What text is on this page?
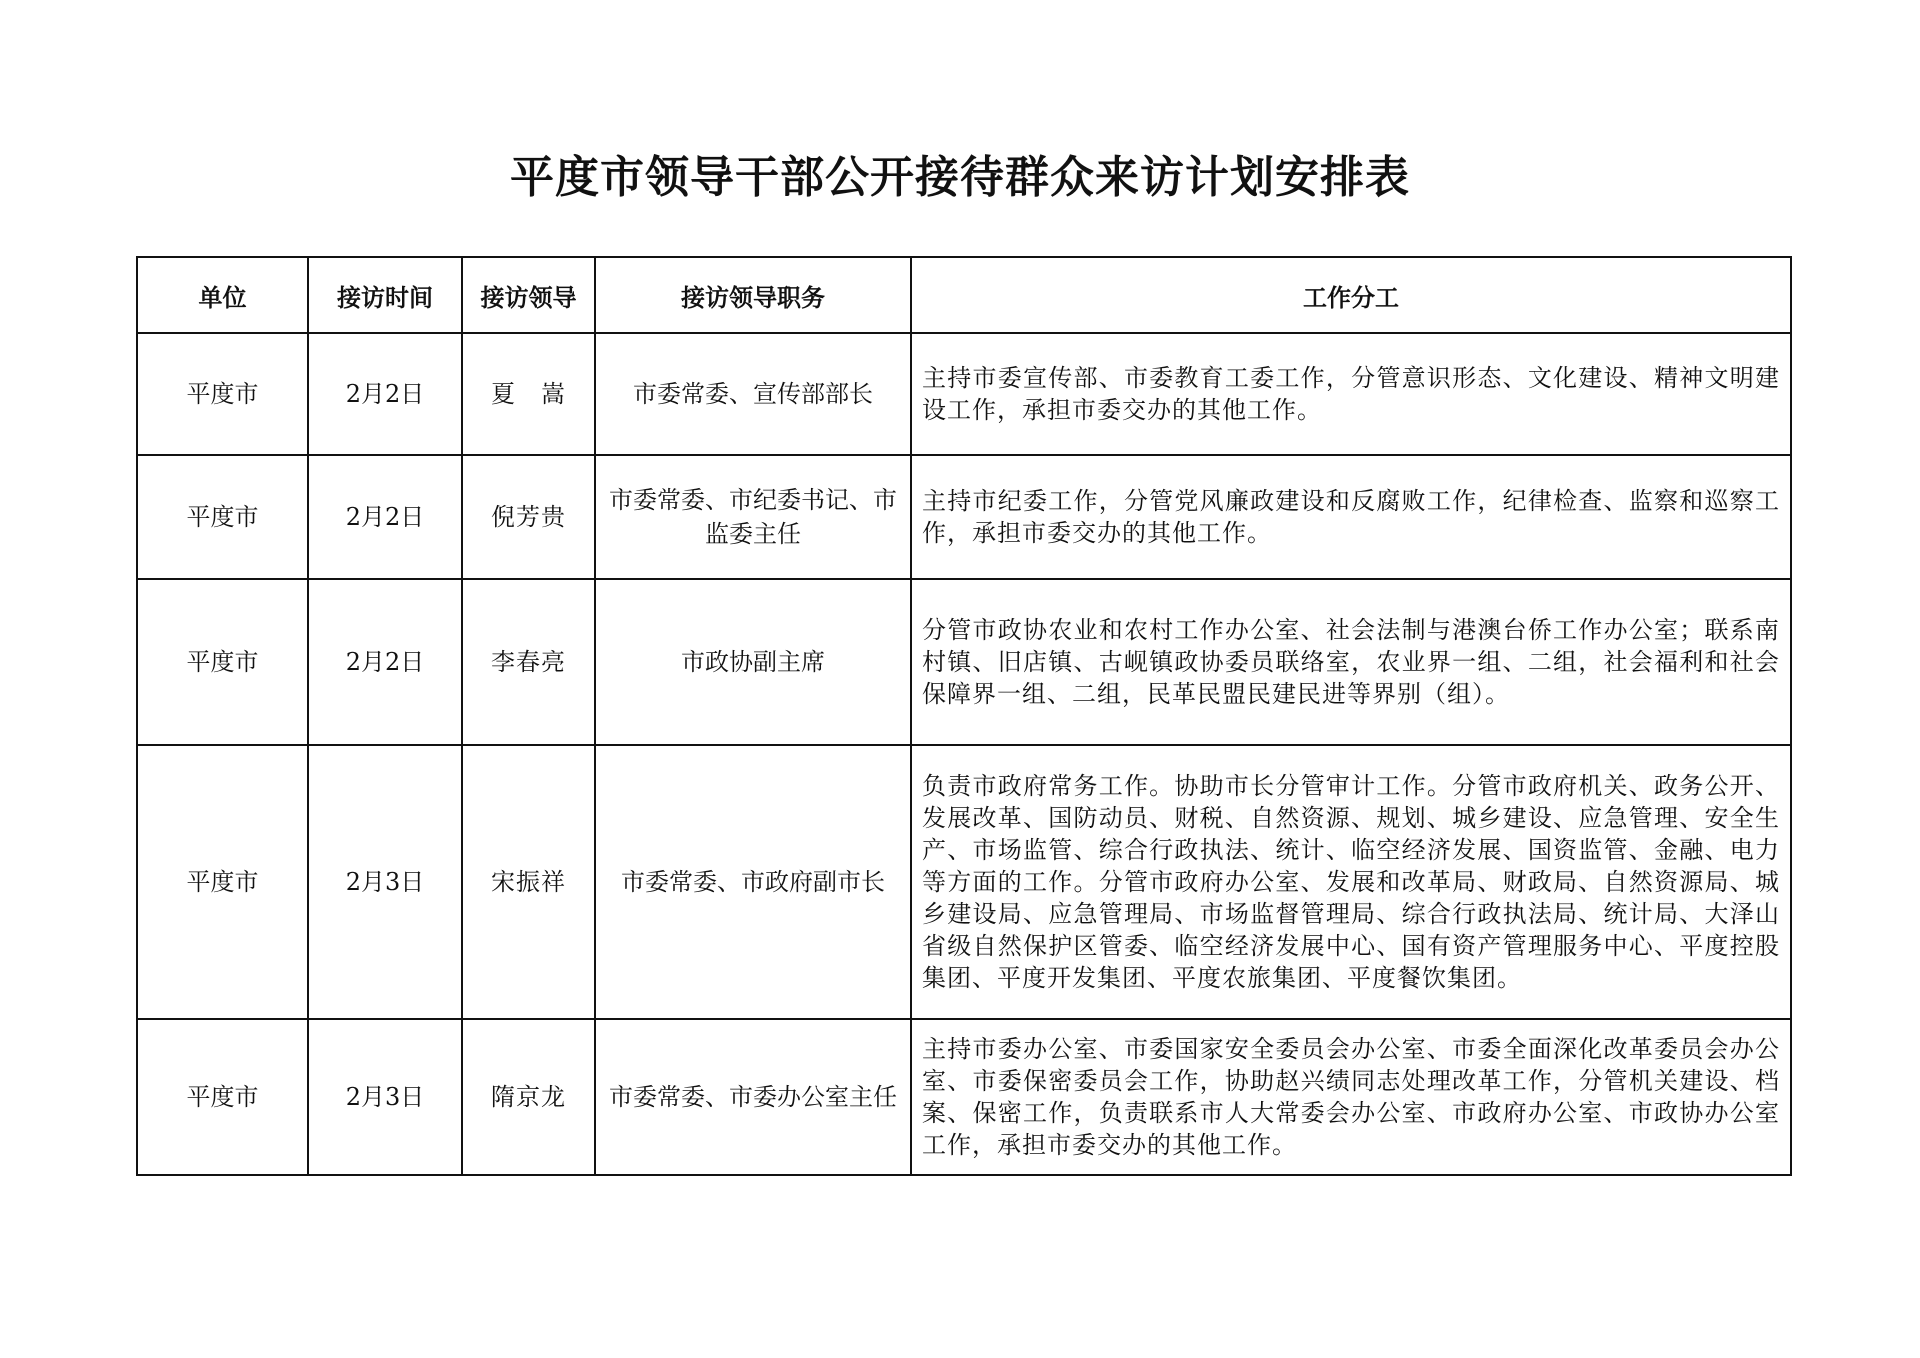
平度市领导干部公开接待群众来访计划安排表
单位	接访时间	接访领导	接访领导职务	工作分工
平度市	2月2日	夏　嵩	市委常委、宣传部部长	主持市委宣传部、市委教育工委工作，分管意识形态、文化建设、精神文明建设工作，承担市委交办的其他工作。
平度市	2月2日	倪芳贵	市委常委、市纪委书记、市监委主任	主持市纪委工作，分管党风廉政建设和反腐败工作，纪律检查、监察和巡察工作，承担市委交办的其他工作。
平度市	2月2日	李春亮	市政协副主席	分管市政协农业和农村工作办公室、社会法制与港澳台侨工作办公室；联系南村镇、旧店镇、古岘镇政协委员联络室，农业界一组、二组，社会福利和社会保障界一组、二组，民革民盟民建民进等界别（组）。
平度市	2月3日	宋振祥	市委常委、市政府副市长	负责市政府常务工作。协助市长分管审计工作。分管市政府机关、政务公开、发展改革、国防动员、财税、自然资源、规划、城乡建设、应急管理、安全生产、市场监管、综合行政执法、统计、临空经济发展、国资监管、金融、电力等方面的工作。分管市政府办公室、发展和改革局、财政局、自然资源局、城乡建设局、应急管理局、市场监督管理局、综合行政执法局、统计局、大泽山省级自然保护区管委、临空经济发展中心、国有资产管理服务中心、平度控股集团、平度开发集团、平度农旅集团、平度餐饮集团。
平度市	2月3日	隋京龙	市委常委、市委办公室主任	主持市委办公室、市委国家安全委员会办公室、市委全面深化改革委员会办公室、市委保密委员会工作，协助赵兴绩同志处理改革工作，分管机关建设、档案、保密工作，负责联系市人大常委会办公室、市政府办公室、市政协办公室工作，承担市委交办的其他工作。
